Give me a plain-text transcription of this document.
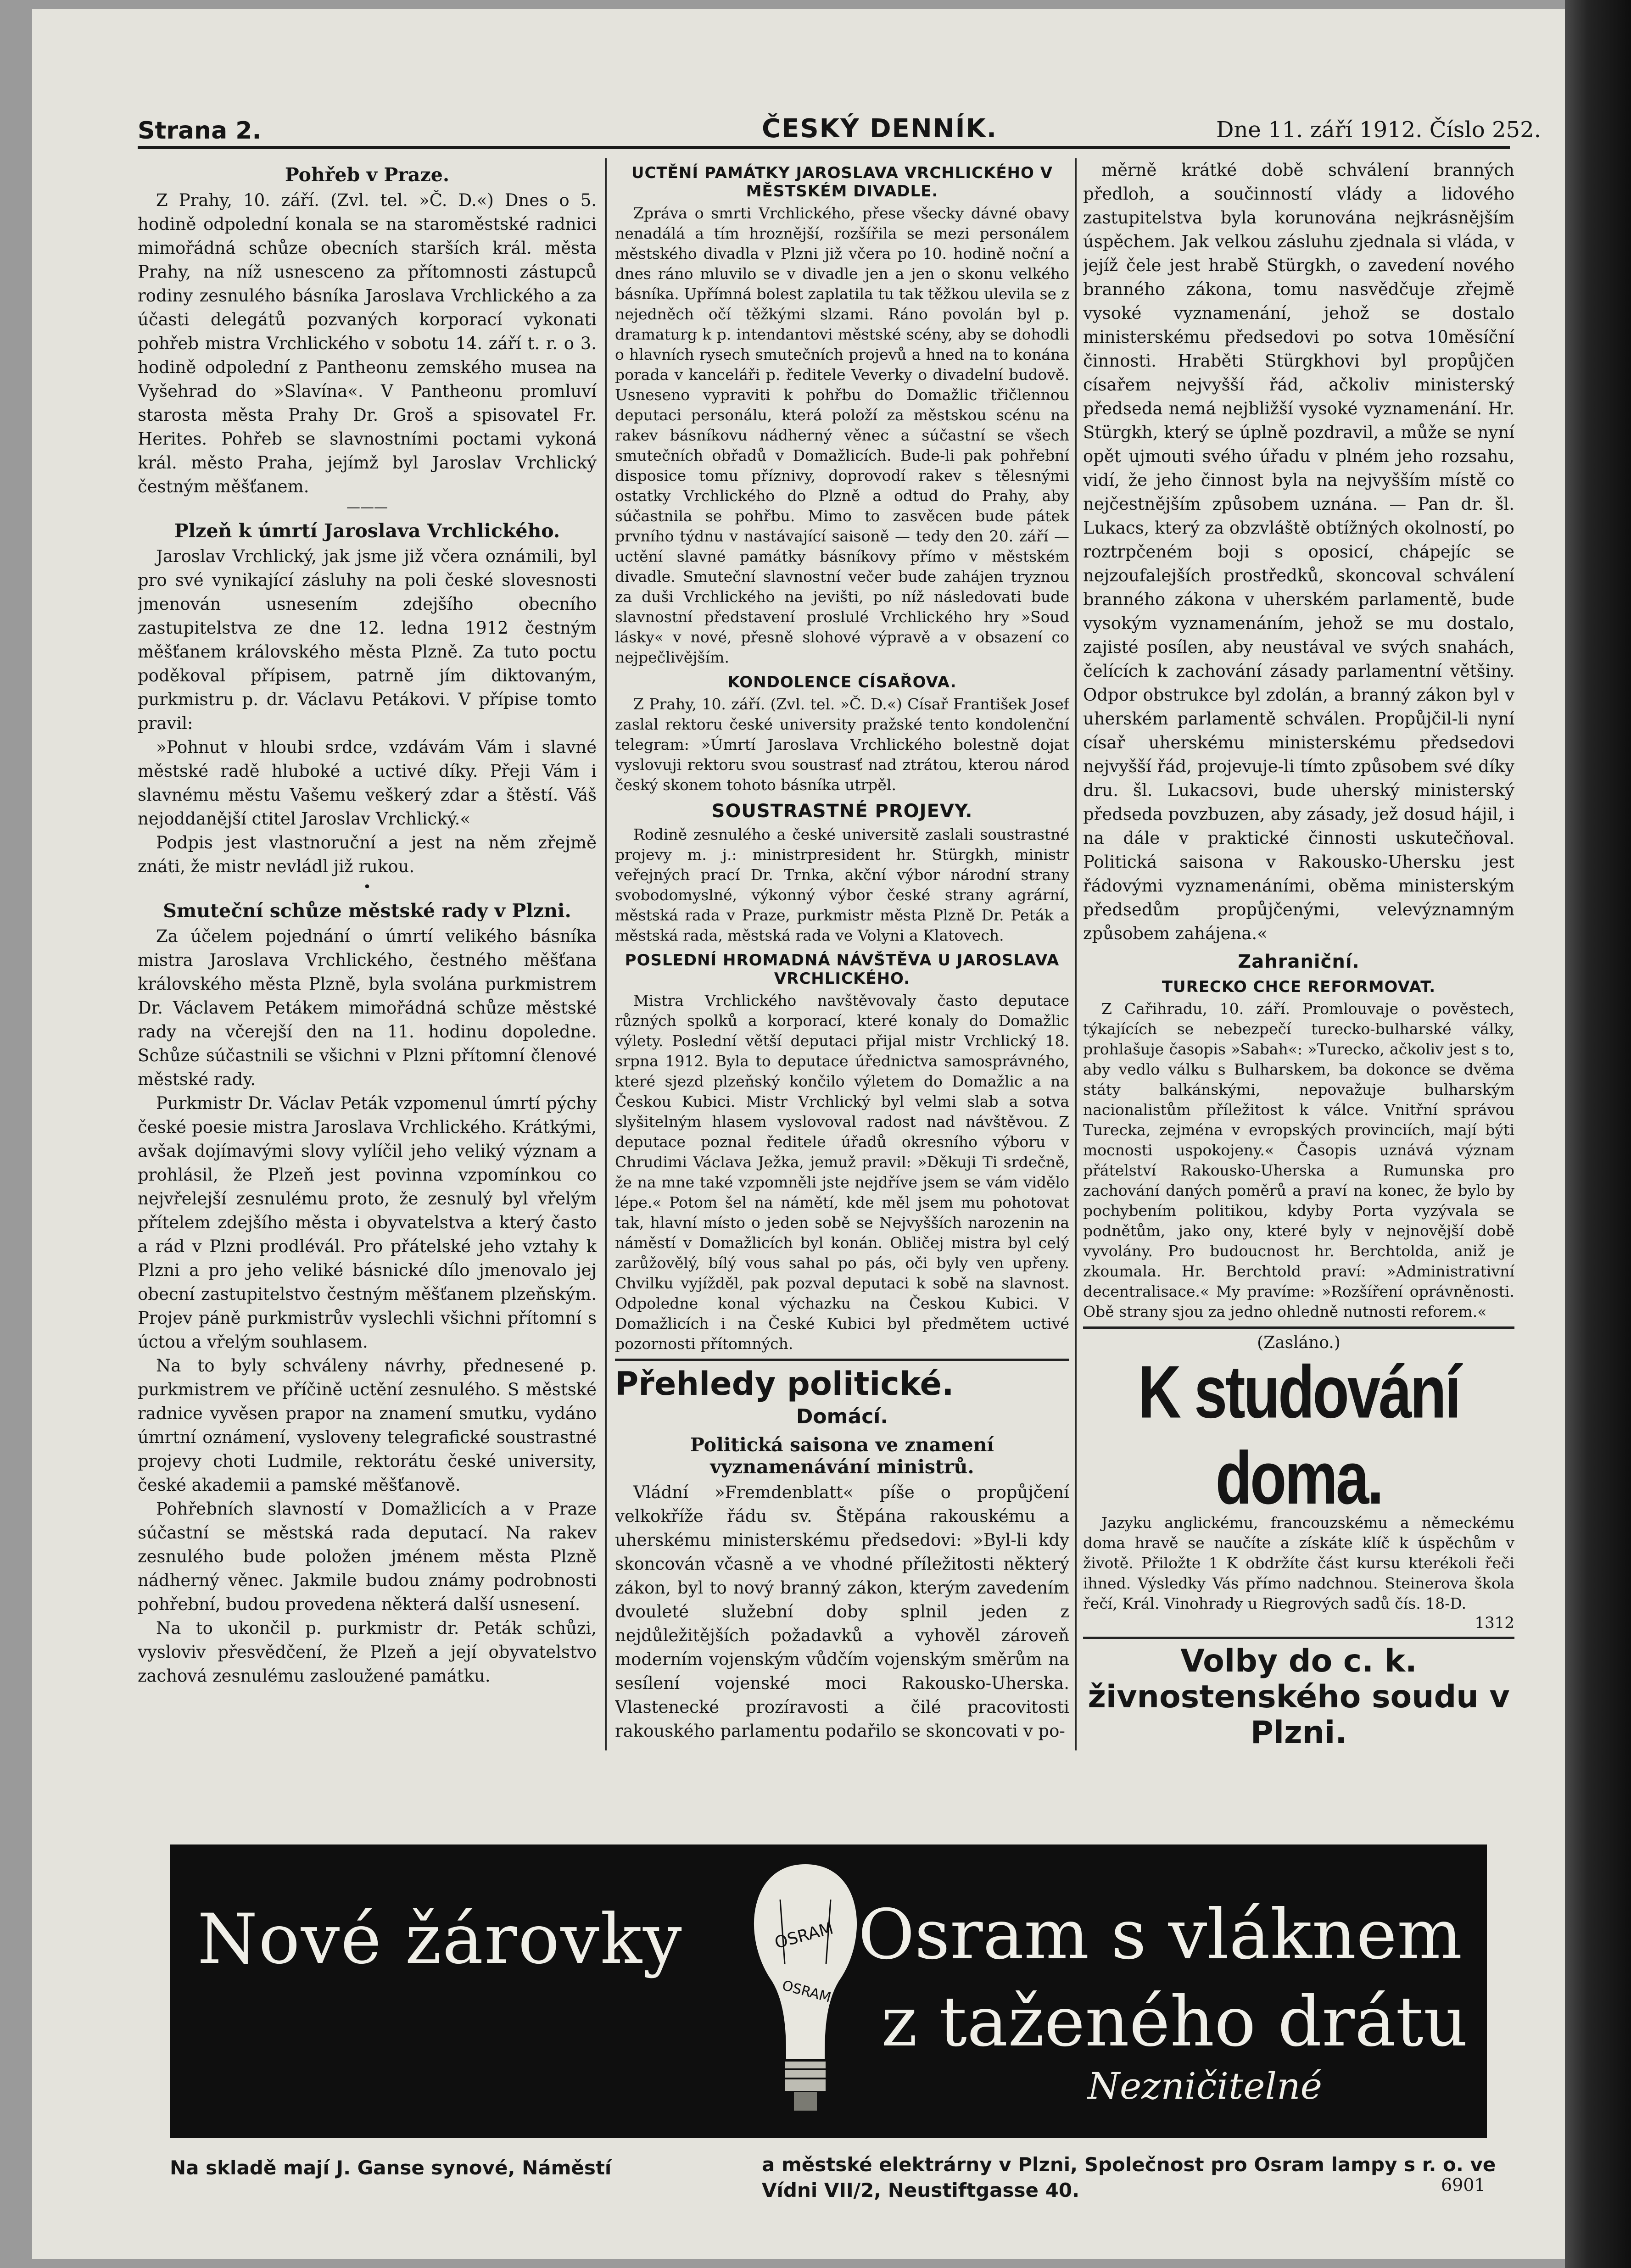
Strana 2.	ČESKÝ DENNÍK.	Dne 11. září 1912. Číslo 252.
Pohřeb v Praze.
Z Prahy, 10. září. (Zvl. tel. »Č. D.«) Dnes o 5. hodině odpolední konala se na staroměstské radnici mimořádná schůze obecních starších král. města Prahy, na níž usnesceno za přítomnosti zástupců rodiny zesnulého básníka Jaroslava Vrchlického a za účasti delegátů pozvaných korporací vykonati pohřeb mistra Vrchlického v sobotu 14. září t. r. o 3. hodině odpolední z Pantheonu zemského musea na Vyšehrad do »Slavína«. V Pantheonu promluví starosta města Prahy Dr. Groš a spisovatel Fr. Herites. Pohřeb se slavnostními poctami vykoná král. město Praha, jejímž byl Jaroslav Vrchlický čestným měšťanem.
———
Plzeň k úmrtí Jaroslava Vrchlického.
Jaroslav Vrchlický, jak jsme již včera oznámili, byl pro své vynikající zásluhy na poli české slovesnosti jmenován usnesením zdejšího obecního zastupitelstva ze dne 12. ledna 1912 čestným měšťanem královského města Plzně. Za tuto poctu poděkoval přípisem, patrně jím diktovaným, purkmistru p. dr. Václavu Petákovi. V přípise tomto pravil:
»Pohnut v hloubi srdce, vzdávám Vám i slavné městské radě hluboké a uctivé díky. Přeji Vám i slavnému městu Vašemu veškerý zdar a štěstí. Váš nejoddanější ctitel Jaroslav Vrchlický.«
Podpis jest vlastnoruční a jest na něm zřejmě znáti, že mistr nevládl již rukou.
•
Smuteční schůze městské rady v Plzni.
Za účelem pojednání o úmrtí velikého básníka mistra Jaroslava Vrchlického, čestného měšťana královského města Plzně, byla svolána purkmistrem Dr. Václavem Petákem mimořádná schůze městské rady na včerejší den na 11. hodinu dopoledne. Schůze súčastnili se všichni v Plzni přítomní členové městské rady.
Purkmistr Dr. Václav Peták vzpomenul úmrtí pýchy české poesie mistra Jaroslava Vrchlického. Krátkými, avšak dojímavými slovy vylíčil jeho veliký význam a prohlásil, že Plzeň jest povinna vzpomínkou co nejvřelejší zesnulému proto, že zesnulý byl vřelým přítelem zdejšího města i obyvatelstva a který často a rád v Plzni prodlévál. Pro přátelské jeho vztahy k Plzni a pro jeho veliké básnické dílo jmenovalo jej obecní zastupitelstvo čestným měšťanem plzeňským. Projev páně purkmistrův vyslechli všichni přítomní s úctou a vřelým souhlasem.
Na to byly schváleny návrhy, přednesené p. purkmistrem ve příčině uctění zesnulého. S městské radnice vyvěsen prapor na znamení smutku, vydáno úmrtní oznámení, vysloveny telegrafické soustrastné projevy choti Ludmile, rektorátu české university, české akademii a pamské měšťanově.
Pohřebních slavností v Domažlicích a v Praze súčastní se městská rada deputací. Na rakev zesnulého bude položen jménem města Plzně nádherný věnec. Jakmile budou známy podrobnosti pohřební, budou provedena některá další usnesení.
Na to ukončil p. purkmistr dr. Peták schůzi, vysloviv přesvědčení, že Plzeň a její obyvatelstvo zachová zesnulému zasloužené památku.
UCTĚNÍ PAMÁTKY JAROSLAVA VRCHLICKÉHO V MĚSTSKÉM DIVADLE.
Zpráva o smrti Vrchlického, přese všecky dávné obavy nenadálá a tím hroznější, rozšířila se mezi personálem městského divadla v Plzni již včera po 10. hodině noční a dnes ráno mluvilo se v divadle jen a jen o skonu velkého básníka. Upřímná bolest zaplatila tu tak těžkou ulevila se z nejedněch očí těžkými slzami. Ráno povolán byl p. dramaturg k p. intendantovi městské scény, aby se dohodli o hlavních rysech smutečních projevů a hned na to konána porada v kanceláři p. ředitele Veverky o divadelní budově. Usneseno vypraviti k pohřbu do Domažlic třičlennou deputaci personálu, která položí za městskou scénu na rakev básníkovu nádherný věnec a súčastní se všech smutečních obřadů v Domažlicích. Bude-li pak pohřební disposice tomu příznivy, doprovodí rakev s tělesnými ostatky Vrchlického do Plzně a odtud do Prahy, aby súčastnila se pohřbu. Mimo to zasvěcen bude pátek prvního týdnu v nastávající saisoně — tedy den 20. září — uctění slavné památky básníkovy přímo v městském divadle. Smuteční slavnostní večer bude zahájen tryznou za duši Vrchlického na jevišti, po níž následovati bude slavnostní představení proslulé Vrchlického hry »Soud lásky« v nové, přesně slohové výpravě a v obsazení co nejpečlivějším.
KONDOLENCE CÍSAŘOVA.
Z Prahy, 10. září. (Zvl. tel. »Č. D.«) Císař František Josef zaslal rektoru české university pražské tento kondolenční telegram: »Úmrtí Jaroslava Vrchlického bolestně dojat vyslovuji rektoru svou soustrasť nad ztrátou, kterou národ český skonem tohoto básníka utrpěl.
SOUSTRASTNÉ PROJEVY.
Rodině zesnulého a české universitě zaslali soustrastné projevy m. j.: ministrpresident hr. Stürgkh, ministr veřejných prací Dr. Trnka, akční výbor národní strany svobodomyslné, výkonný výbor české strany agrární, městská rada v Praze, purkmistr města Plzně Dr. Peták a městská rada, městská rada ve Volyni a Klatovech.
POSLEDNÍ HROMADNÁ NÁVŠTĚVA U JAROSLAVA VRCHLICKÉHO.
Mistra Vrchlického navštěvovaly často deputace různých spolků a korporací, které konaly do Domažlic výlety. Poslední větší deputaci přijal mistr Vrchlický 18. srpna 1912. Byla to deputace úřednictva samosprávného, které sjezd plzeňský končilo výletem do Domažlic a na Českou Kubici. Mistr Vrchlický byl velmi slab a sotva slyšitelným hlasem vyslovoval radost nad návštěvou. Z deputace poznal ředitele úřadů okresního výboru v Chrudimi Václava Ježka, jemuž pravil: »Děkuji Ti srdečně, že na mne také vzpomněli jste nejdříve jsem se vám vidělo lépe.« Potom šel na námětí, kde měl jsem mu pohotovat tak, hlavní místo o jeden sobě se Nejvyšších narozenin na náměstí v Domažlicích byl konán. Obličej mistra byl celý zarůžovělý, bílý vous sahal po pás, oči byly ven upřeny. Chvilku vyjížděl, pak pozval deputaci k sobě na slavnost. Odpoledne konal výchazku na Českou Kubici. V Domažlicích i na České Kubici byl předmětem uctivé pozornosti přítomných.
Přehledy politické.
Domácí.
Politická saisona ve znamení vyznamenávání ministrů.
Vládní »Fremdenblatt« píše o propůjčení velkokříže řádu sv. Štěpána rakouskému a uherskému ministerskému předsedovi: »Byl-li kdy skoncován včasně a ve vhodné příležitosti některý zákon, byl to nový branný zákon, kterým zavedením dvouleté služební doby splnil jeden z nejdůležitějších požadavků a vyhověl zároveň moderním vojenským vůdčím vojenským směrům na sesílení vojenské moci Rakousko-Uherska. Vlastenecké prozíravosti a čilé pracovitosti rakouského parlamentu podařilo se skoncovati v po-
měrně krátké době schválení branných předloh, a součinností vlády a lidového zastupitelstva byla korunována nejkrásnějším úspěchem. Jak velkou zásluhu zjednala si vláda, v jejíž čele jest hrabě Stürgkh, o zavedení nového branného zákona, tomu nasvědčuje zřejmě vysoké vyznamenání, jehož se dostalo ministerskému předsedovi po sotva 10měsíční činnosti. Hraběti Stürgkhovi byl propůjčen císařem nejvyšší řád, ačkoliv ministerský předseda nemá nejbližší vysoké vyznamenání. Hr. Stürgkh, který se úplně pozdravil, a může se nyní opět ujmouti svého úřadu v plném jeho rozsahu, vidí, že jeho činnost byla na nejvyšším místě co nejčestnějším způsobem uznána. — Pan dr. šl. Lukacs, který za obzvláště obtížných okolností, po roztrpčeném boji s oposicí, chápejíc se nejzoufalejších prostředků, skoncoval schválení branného zákona v uherském parlamentě, bude vysokým vyznamenáním, jehož se mu dostalo, zajisté posílen, aby neustával ve svých snahách, čelících k zachování zásady parlamentní většiny. Odpor obstrukce byl zdolán, a branný zákon byl v uherském parlamentě schválen. Propůjčil-li nyní císař uherskému ministerskému předsedovi nejvyšší řád, projevuje-li tímto způsobem své díky dru. šl. Lukacsovi, bude uherský ministerský předseda povzbuzen, aby zásady, jež dosud hájil, i na dále v praktické činnosti uskutečňoval. Politická saisona v Rakousko-Uhersku jest řádovými vyznamenáními, oběma ministerským předsedům propůjčenými, velevýznamným způsobem zahájena.«
Zahraniční.
TURECKO CHCE REFORMOVAT.
Z Cařihradu, 10. září. Promlouvaje o pověstech, týkajících se nebezpečí turecko-bulharské války, prohlašuje časopis »Sabah«: »Turecko, ačkoliv jest s to, aby vedlo válku s Bulharskem, ba dokonce se dvěma státy balkánskými, nepovažuje bulharským nacionalistům příležitost k válce. Vnitřní správou Turecka, zejména v evropských provinciích, mají býti mocnosti uspokojeny.« Časopis uznává význam přátelství Rakousko-Uherska a Rumunska pro zachování daných poměrů a praví na konec, že bylo by pochybením politikou, kdyby Porta vyzývala se podnětům, jako ony, které byly v nejnovější době vyvolány. Pro budoucnost hr. Berchtolda, aniž je zkoumala. Hr. Berchtold praví: »Administrativní decentralisace.« My pravíme: »Rozšíření oprávněnosti. Obě strany sjou za jedno ohledně nutnosti reforem.«
(Zasláno.)
K studování doma.
Jazyku anglickému, francouzskému a německému doma hravě se naučíte a získáte klíč k úspěchům v životě. Přiložte 1 K obdržíte část kursu kterékoli řeči ihned. Výsledky Vás přímo nadchnou. Steinerova škola řečí, Král. Vinohrady u Riegrových sadů čís. 18-D.
1312
Volby do c. k. živnostenského soudu v Plzni.
Nové žárovky	OSRAM
OSRAM
Osram s vláknem
z taženého drátu
Nezničitelné
Na skladě mají J. Ganse synové, Náměstí	a městské elektrárny v Plzni, Společnost pro Osram lampy s r. o. ve Vídni VII/2, Neustiftgasse 40.	6901
